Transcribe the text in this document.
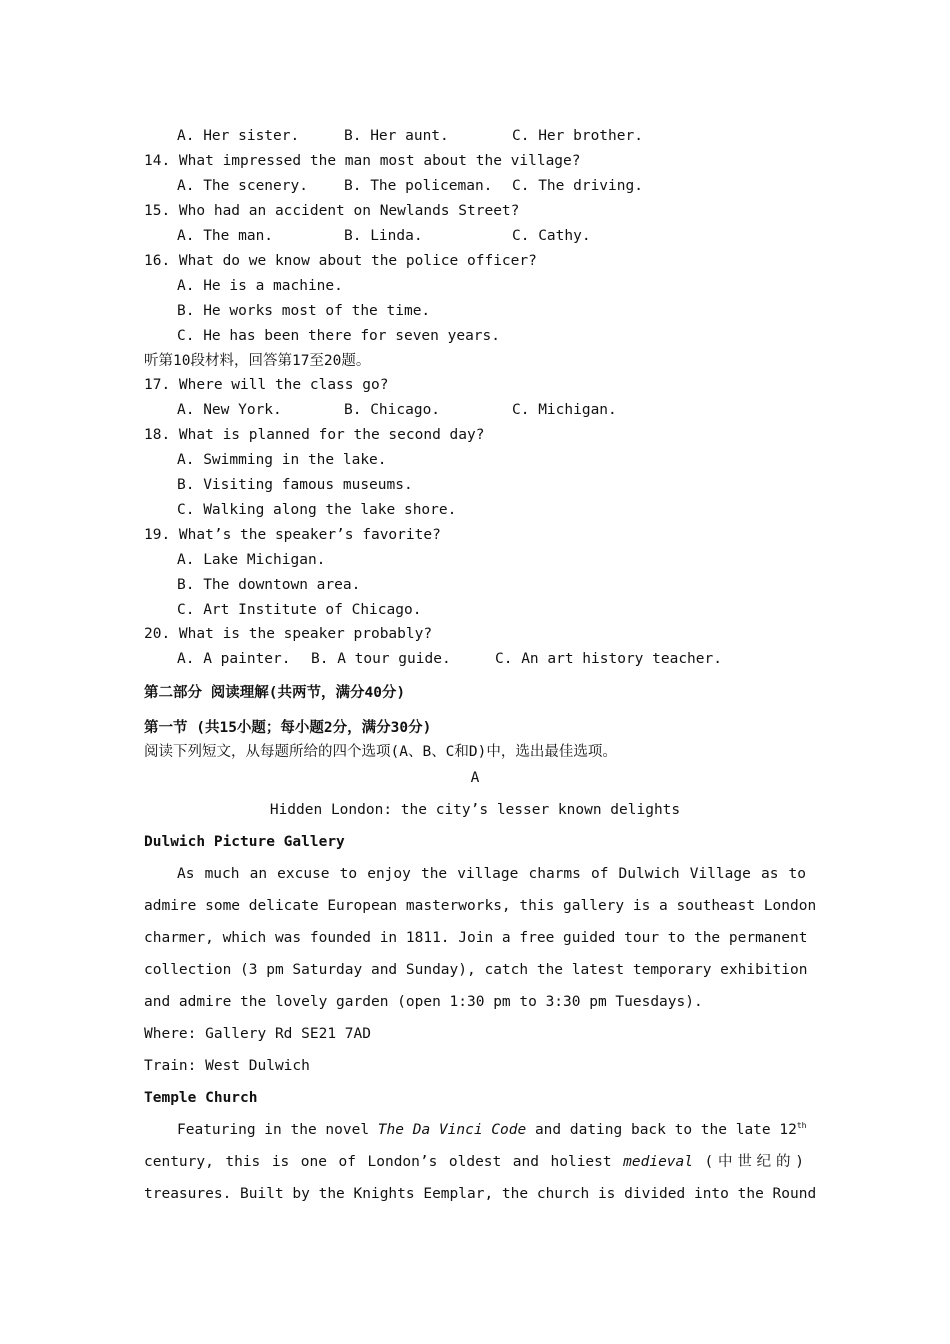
A. Her sister.

	B. Her aunt.

	C. Her brother.

14. What impressed the man most about the village?

A. The scenery.

B. The policeman.

C. The driving.

15. Who had an accident on Newlands Street?

A. The man.

	B. Linda.

	C. Cathy.

16. What do we know about the police officer?
A. He is a machine.
B. He works most of the time.
C. He has been there for seven years.
听第10段材料，回答第17至20题。
17. Where will the class go?

A. New York.

	B. Chicago.

	C. Michigan.

18. What is planned for the second day?
A. Swimming in the lake.
B. Visiting famous museums.
C. Walking along the lake shore.
19. What’s the speaker’s favorite?
A. Lake Michigan.
B. The downtown area.
C. Art Institute of Chicago.
20. What is the speaker probably?

A. A painter.

B. A tour guide.

	C. An art history teacher.

第二部分 阅读理解(共两节，满分40分)
第一节 (共15小题；每小题2分，满分30分)
阅读下列短文，从每题所给的四个选项(A、B、C和D)中，选出最佳选项。
A
Hidden London: the city’s lesser known delights
Dulwich Picture Gallery
As much an excuse to enjoy the village charms of Dulwich Village as to
admire some delicate European masterworks, this gallery is a southeast London
charmer, which was founded in 1811. Join a free guided tour to the permanent
collection (3 pm Saturday and Sunday), catch the latest temporary exhibition
and admire the lovely garden (open 1:30 pm to 3:30 pm Tuesdays).
Where: Gallery Rd SE21 7AD
Train: West Dulwich
Temple Church
Featuring in the novel The Da Vinci Code and dating back to the late 12th
century, this is one of London’s oldest and holiest medieval (中世纪的)
treasures. Built by the Knights Eemplar, the church is divided into the Round
